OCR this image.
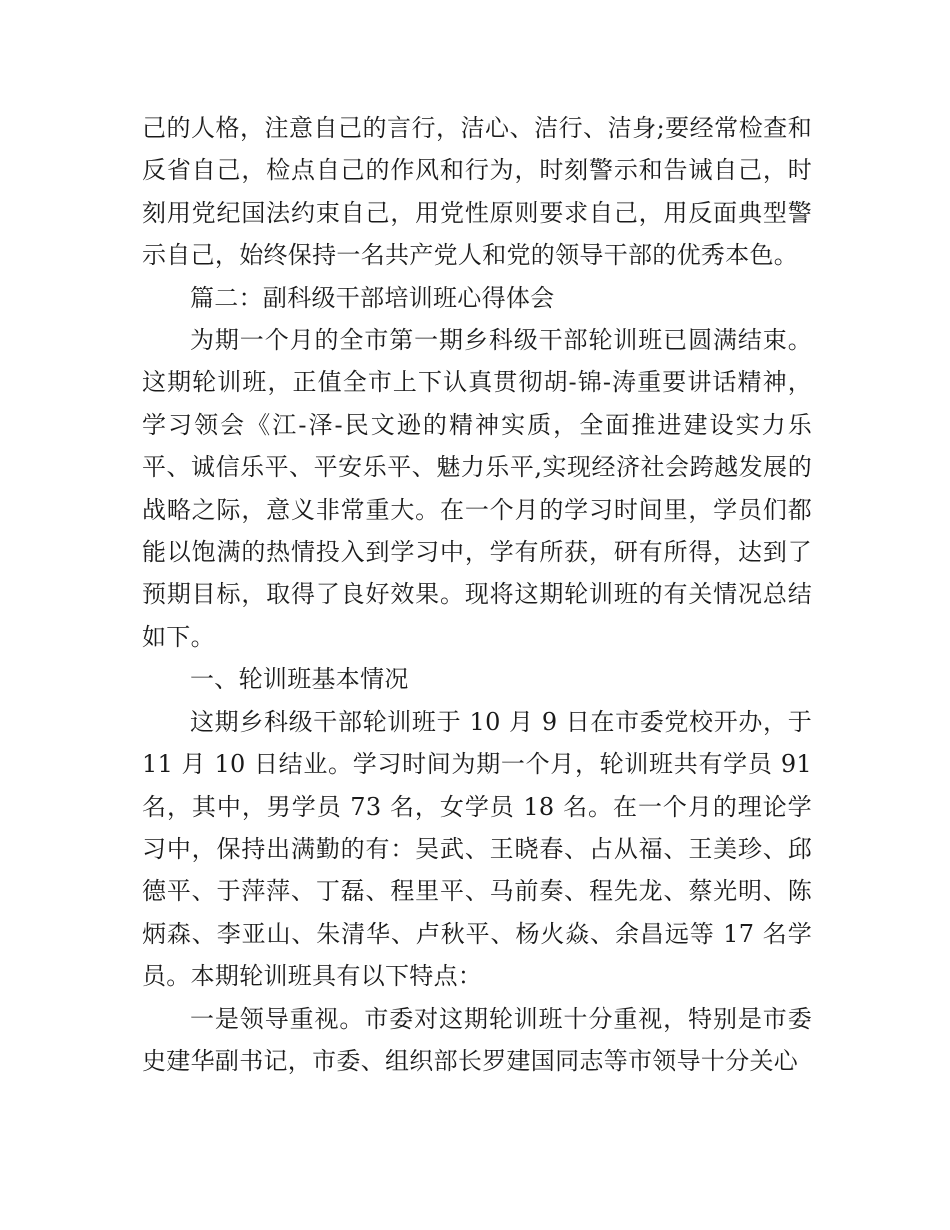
己的人格，注意自己的言行，洁心、洁行、洁身;要经常检查和反省自己，检点自己的作风和行为，时刻警示和告诫自己，时刻用党纪国法约束自己，用党性原则要求自己，用反面典型警示自己，始终保持一名共产党人和党的领导干部的优秀本色。

篇二：副科级干部培训班心得体会

为期一个月的全市第一期乡科级干部轮训班已圆满结束。这期轮训班，正值全市上下认真贯彻胡-锦-涛重要讲话精神，学习领会《江-泽-民文逊的精神实质，全面推进建设实力乐平、诚信乐平、平安乐平、魅力乐平,实现经济社会跨越发展的战略之际，意义非常重大。在一个月的学习时间里，学员们都能以饱满的热情投入到学习中，学有所获，研有所得，达到了预期目标，取得了良好效果。现将这期轮训班的有关情况总结如下。

一、轮训班基本情况

这期乡科级干部轮训班于 10 月 9 日在市委党校开办，于 11 月 10 日结业。学习时间为期一个月，轮训班共有学员 91 名，其中，男学员 73 名，女学员 18 名。在一个月的理论学习中，保持出满勤的有：吴武、王晓春、占从福、王美珍、邱德平、于萍萍、丁磊、程里平、马前奏、程先龙、蔡光明、陈炳森、李亚山、朱清华、卢秋平、杨火焱、余昌远等 17 名学员。本期轮训班具有以下特点：

一是领导重视。市委对这期轮训班十分重视，特别是市委史建华副书记，市委、组织部长罗建国同志等市领导十分关心
